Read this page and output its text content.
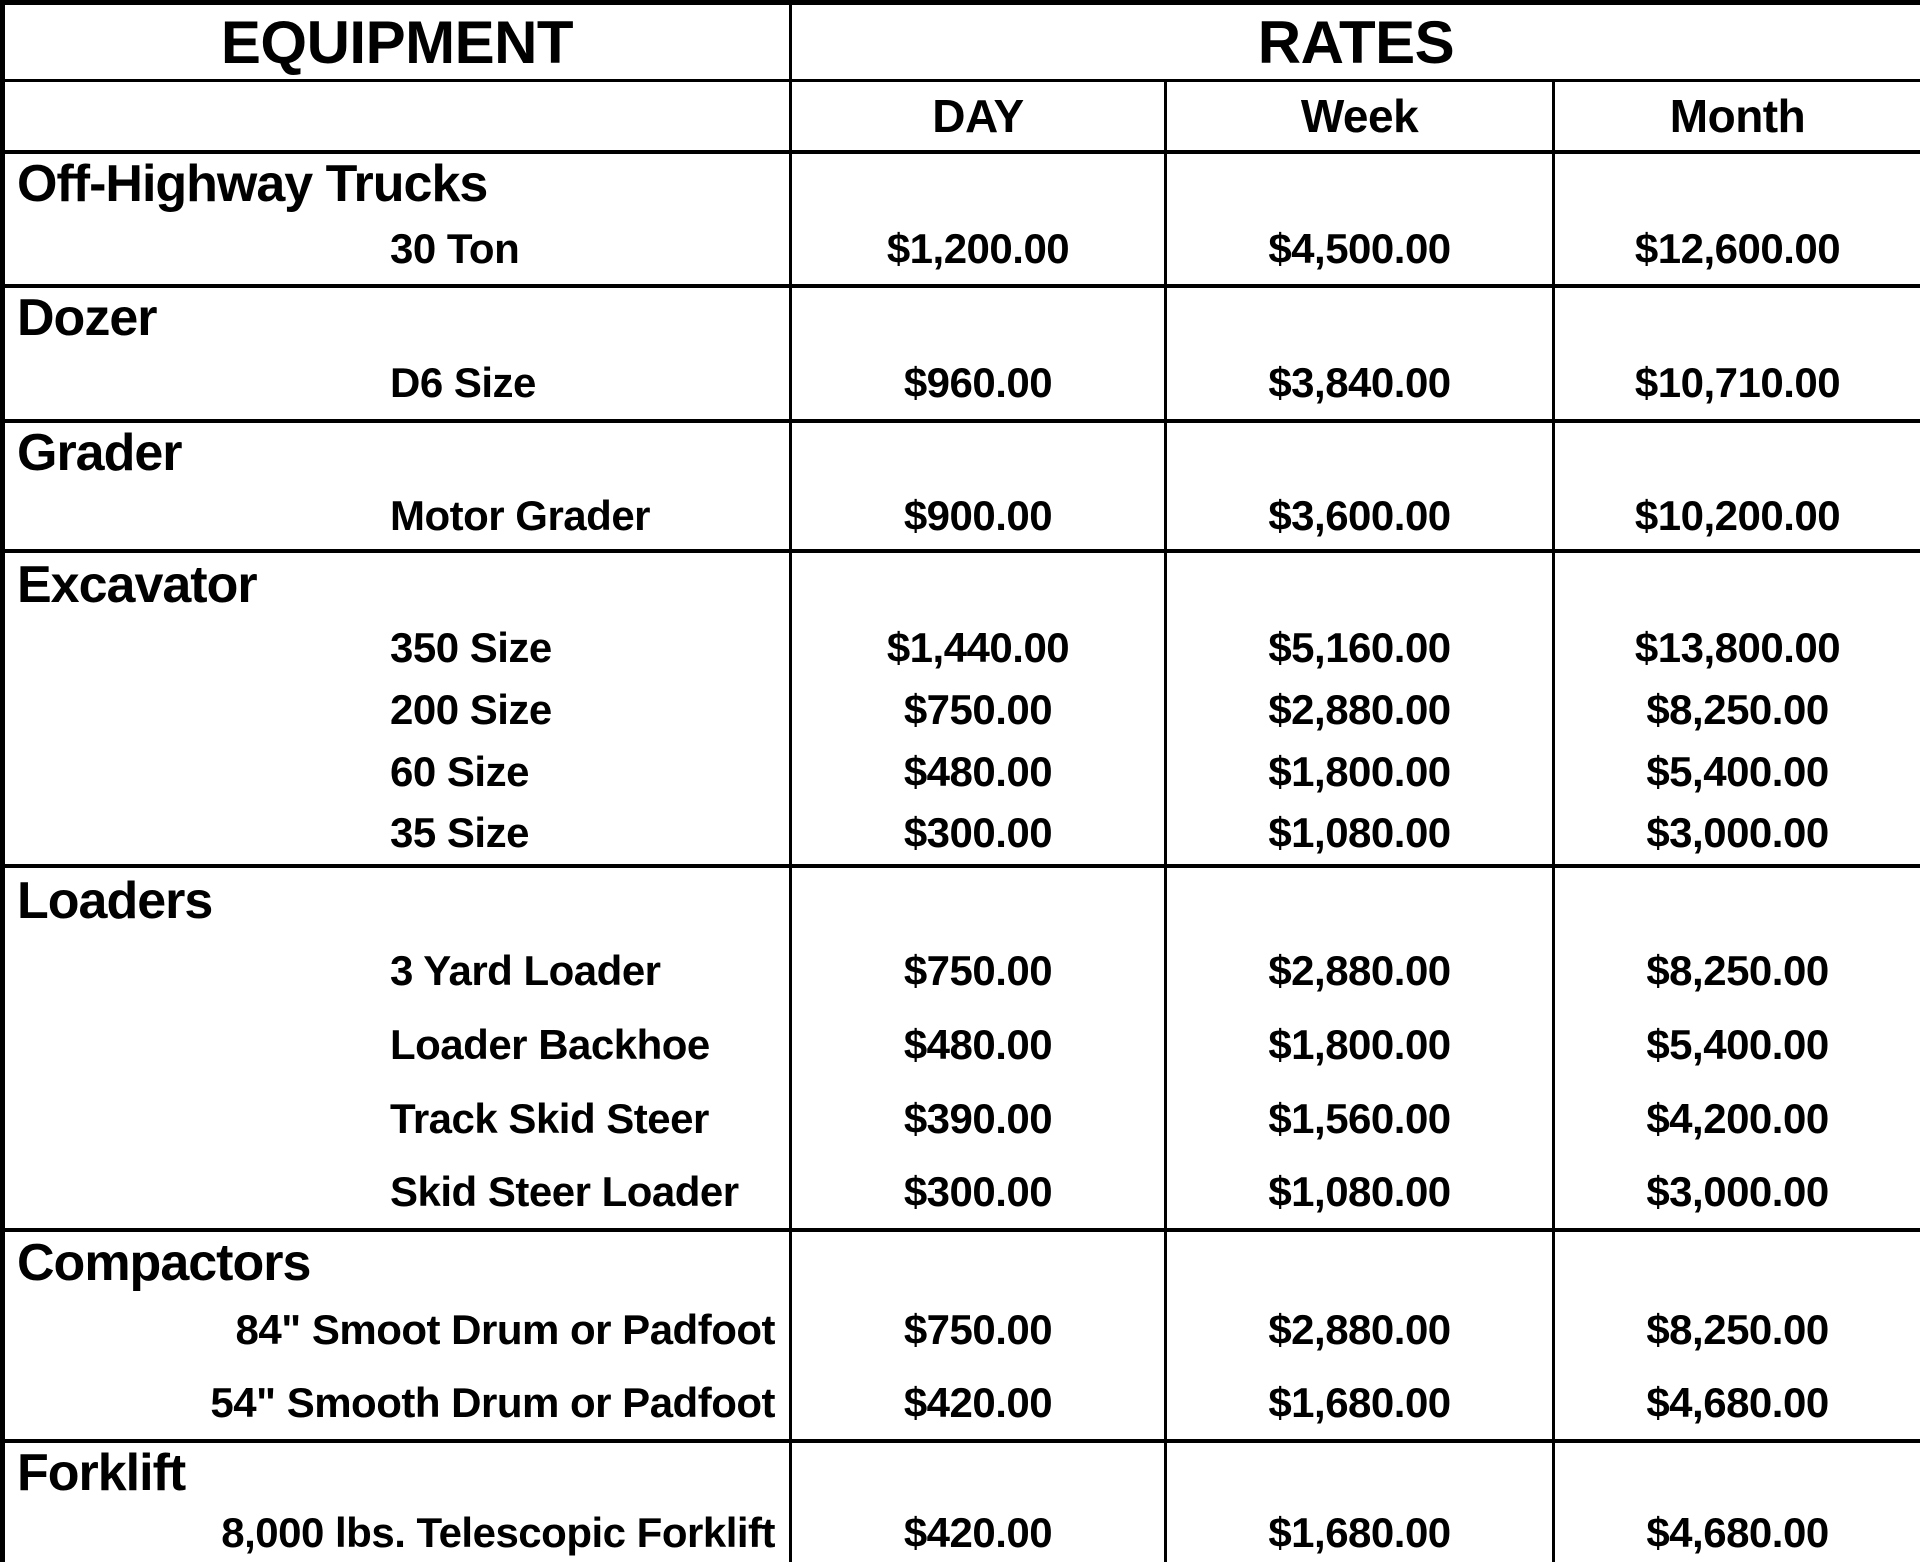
EQUIPMENT	RATES		
	DAY	Week	Month
Off-Highway Trucks			
30 Ton	$1,200.00	$4,500.00	$12,600.00
Dozer			
D6 Size	$960.00	$3,840.00	$10,710.00
Grader			
Motor Grader	$900.00	$3,600.00	$10,200.00
Excavator			
350 Size	$1,440.00	$5,160.00	$13,800.00
200 Size	$750.00	$2,880.00	$8,250.00
60 Size	$480.00	$1,800.00	$5,400.00
35 Size	$300.00	$1,080.00	$3,000.00
Loaders			
3 Yard Loader	$750.00	$2,880.00	$8,250.00
Loader Backhoe	$480.00	$1,800.00	$5,400.00
Track Skid Steer	$390.00	$1,560.00	$4,200.00
Skid Steer Loader	$300.00	$1,080.00	$3,000.00
Compactors			
84" Smoot Drum or Padfoot	$750.00	$2,880.00	$8,250.00
54" Smooth Drum or Padfoot	$420.00	$1,680.00	$4,680.00
Forklift			
8,000 lbs. Telescopic Forklift	$420.00	$1,680.00	$4,680.00
